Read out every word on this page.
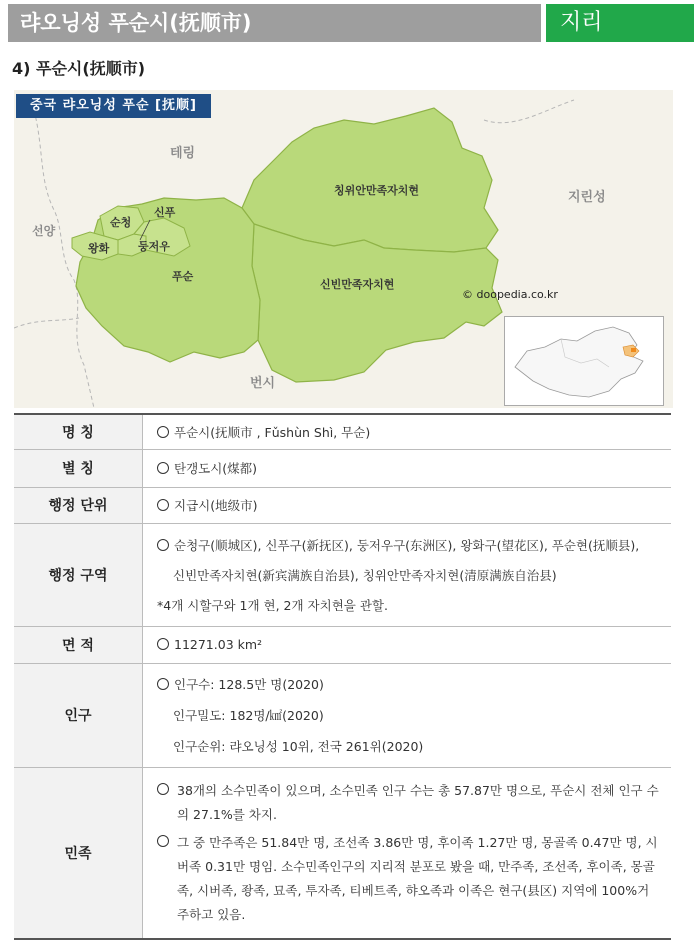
랴오닝성 푸순시(抚顺市)	지리
4) 푸순시(抚顺市)
중국 랴오닝성 푸순 [抚顺]
테링
지린성
선양
번시
순청
신푸
왕화	둥저우
푸순
칭위안만족자치현
신빈만족자치현
© doopedia.co.kr
명 칭	푸순시(抚顺市 , Fǔshùn Shì, 무순)
별 칭	탄갱도시(煤都)
행정 단위	지급시(地级市)
행정 구역	순청구(顺城区), 신푸구(新抚区), 둥저우구(东洲区), 왕화구(望花区), 푸순현(抚顺县),
신빈만족자치현(新宾满族自治县), 칭위안만족자치현(清原满族自治县)
*4개 시할구와 1개 현, 2개 자치현을 관할.

면 적	11271.03 km²
인구	인구수: 128.5만 명(2020)
인구밀도: 182명/㎢(2020)
인구순위: 랴오닝성 10위, 전국 261위(2020)

민족	38개의 소수민족이 있으며, 소수민족 인구 수는 총 57.87만 명으로, 푸순시 전체 인구 수의 27.1%를 차지.
그 중 만주족은 51.84만 명, 조선족 3.86만 명, 후이족 1.27만 명, 몽골족 0.47만 명, 시버족 0.31만 명임. 소수민족인구의 지리적 분포로 봤을 때, 만주족, 조선족, 후이족, 몽골족, 시버족, 좡족, 묘족, 투자족, 티베트족, 햐오족과 이족은 현구(县区) 지역에 100%거주하고 있음.
